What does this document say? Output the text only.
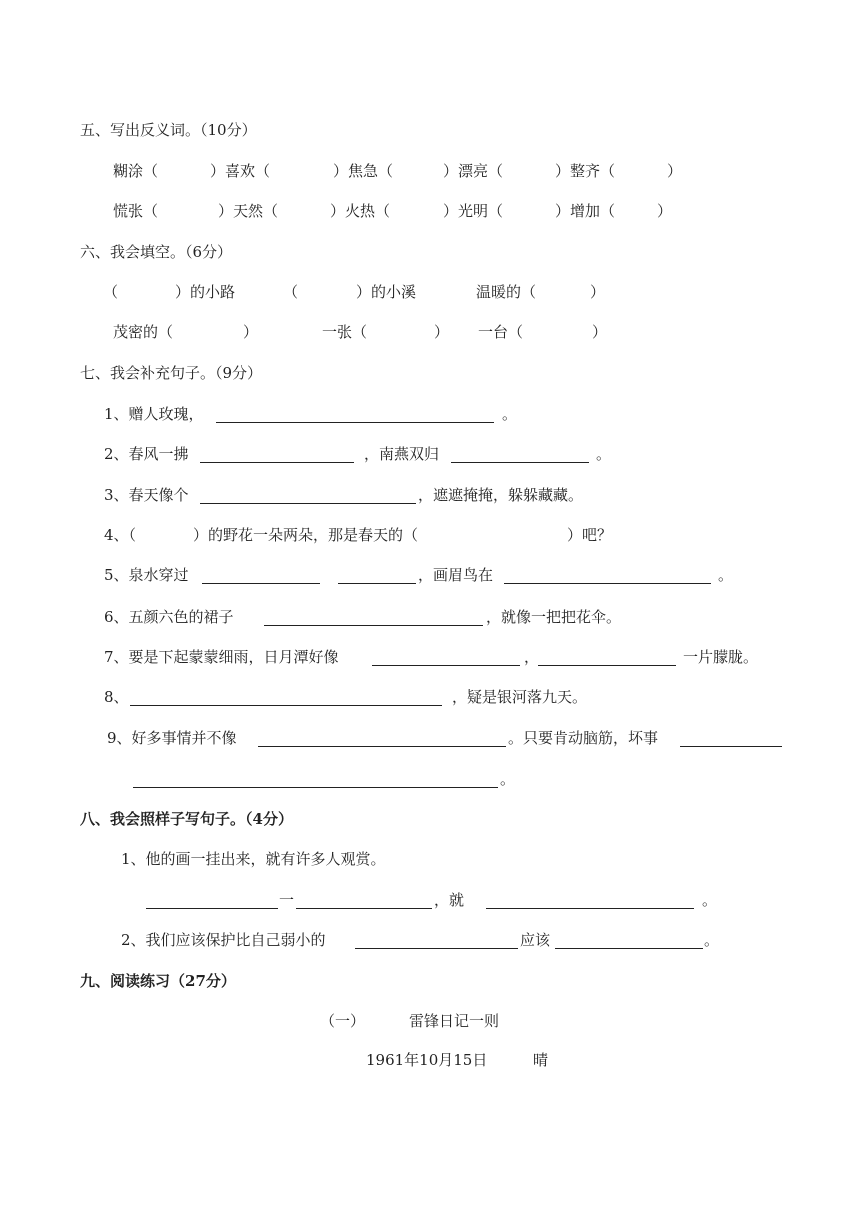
五、写出反义词。（10分）
糊涂（	）喜欢（	）焦急（	）漂亮（	）整齐（	）
慌张（	）天然（	）火热（	）光明（	）增加（	）
六、我会填空。（6分）
（	）的小路	（	）的小溪	温暖的（	）
茂密的（	）	一张（	） 一台（	）
七、我会补充句子。（9分）
1、赠人玫瑰，	。
2、春风一拂	，南燕双归	。
3、春天像个	，遮遮掩掩，躲躲藏藏。
4、（	）的野花一朵两朵，那是春天的（	）吧？
5、泉水穿过	，画眉鸟在	。
6、五颜六色的裙子	，就像一把把花伞。
7、要是下起蒙蒙细雨，日月潭好像	，	一片朦胧。
8、	，疑是银河落九天。
9、好多事情并不像	。只要肯动脑筋，坏事
。
八、我会照样子写句子。（4分）
1、他的画一挂出来，就有许多人观赏。
一	，就	。
2、我们应该保护比自己弱小的	应该	。
九、阅读练习（27分）
（一）	雷锋日记一则
1961年10月15日	晴
